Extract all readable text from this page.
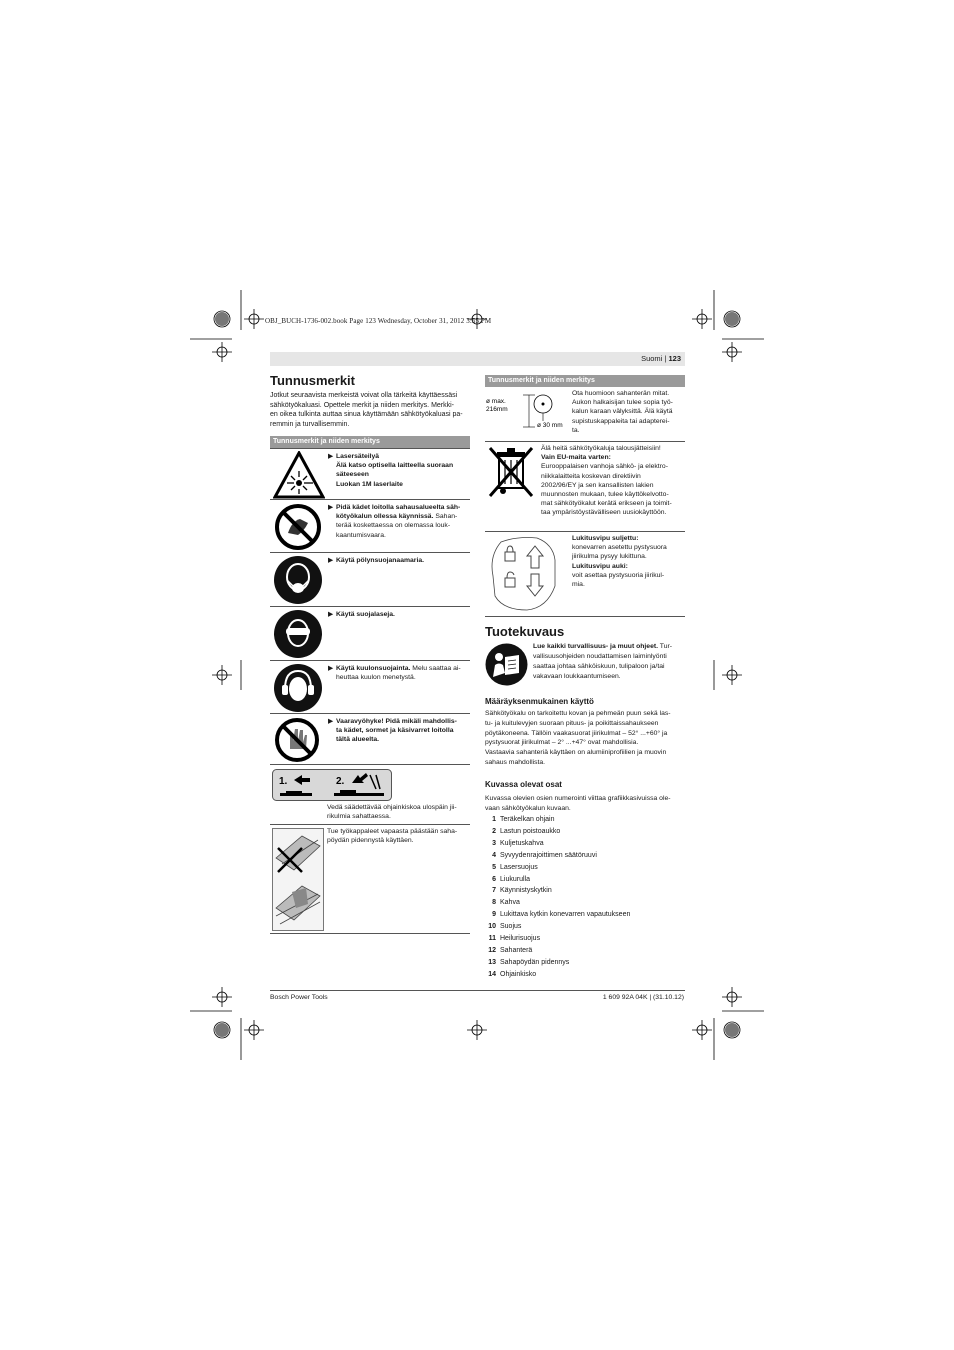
OBJ_BUCH-1736-002.book Page 123 Wednesday, October 31, 2012 3:55 PM
Suomi | 123
Tunnusmerkit
Jotkut seuraavista merkeistä voivat olla tärkeitä käyttäessäsi
sähkötyökaluasi. Opettele merkit ja niiden merkitys. Merkki-
en oikea tulkinta auttaa sinua käyttämään sähkötyökaluasi pa-
remmin ja turvallisemmin.
Tunnusmerkit ja niiden merkitys
▶ Lasersäteilyä
Älä katso optisella laitteella suoraan
säteeseen
Luokan 1M laserlaite
▶ Pidä kädet loitolla sahausalueelta säh-
kötyökalun ollessa käynnissä. Sahan-
terää koskettaessa on olemassa louk-
kaantumisvaara.
▶ Käytä pölynsuojanaamaria.
▶ Käytä suojalaseja.
▶ Käytä kuulonsuojainta. Melu saattaa ai-
heuttaa kuulon menetystä.
▶ Vaaravyöhyke! Pidä mikäli mahdollis-
ta kädet, sormet ja käsivarret loitolla
tältä alueelta.
1.	2.
Vedä säädettävää ohjainkiskoa ulospäin jii-
rikulmia sahattaessa.
Tue työkappaleet vapaasta päästään saha-
pöydän pidennystä käyttäen.
Tunnusmerkit ja niiden merkitys
ø max.
216mm
ø 30 mm
Ota huomioon sahanterän mitat.
Aukon halkaisijan tulee sopia työ-
kalun karaan välyksittä. Älä käytä
supistuskappaleita tai adapterei-
ta.
Älä heitä sähkötyökaluja talousjätteisiin!
Vain EU-maita varten:
Eurooppalaisen vanhoja sähkö- ja elektro-
niikkalaitteita koskevan direktiivin
2002/96/EY ja sen kansallisten lakien
muunnosten mukaan, tulee käyttökelvotto-
mat sähkötyökalut kerätä erikseen ja toimit-
taa ympäristöystävälliseen uusiokäyttöön.
Lukitusvipu suljettu:
konevarren asetettu pystysuora
jiirikulma pysyy lukittuna.
Lukitusvipu auki:
voit asettaa pystysuoria jiirikul-
mia.
Tuotekuvaus
Lue kaikki turvallisuus- ja muut ohjeet. Tur-
vallisuusohjeiden noudattamisen laiminlyönti
saattaa johtaa sähköiskuun, tulipaloon ja/tai
vakavaan loukkaantumiseen.
Määräyksenmukainen käyttö
Sähkötyökalu on tarkoitettu kovan ja pehmeän puun sekä las-
tu- ja kuitulevyjen suoraan pituus- ja poikittaissahaukseen
pöytäkoneena. Tällöin vaakasuorat jiirikulmat – 52° ...+60° ja
pystysuorat jiirikulmat – 2° ...+47° ovat mahdollisia.
Vastaavia sahanteriä käyttäen on alumiiniprofiilien ja muovin
sahaus mahdollista.
Kuvassa olevat osat
Kuvassa olevien osien numerointi viittaa grafiikkasivuissa ole-
vaan sähkötyökalun kuvaan.
1 Teräkelkan ohjain
2 Lastun poistoaukko
3 Kuljetuskahva
4 Syvyydenrajoittimen säätöruuvi
5 Lasersuojus
6 Liukurulla
7 Käynnistyskytkin
8 Kahva
9 Lukittava kytkin konevarren vapautukseen
10 Suojus
11 Heilurisuojus
12 Sahanterä
13 Sahapöydän pidennys
14 Ohjainkisko
Bosch Power Tools	1 609 92A 04K | (31.10.12)
